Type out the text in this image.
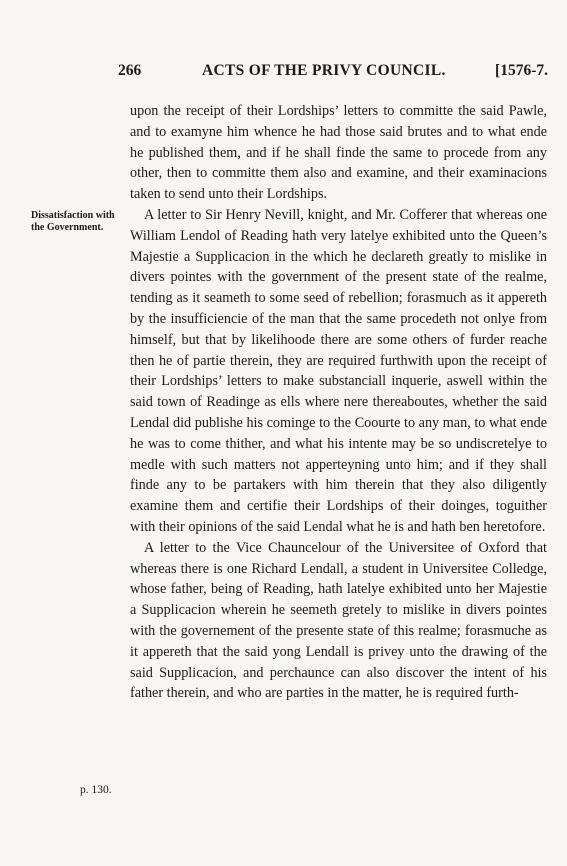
266	ACTS OF THE PRIVY COUNCIL.	[1576-7.
Dissatisfaction with the Government.
p. 130.

upon the receipt of their Lordships’ letters to committe the said Pawle, and to examyne him whence he had those said brutes and to what ende he published them, and if he shall finde the same to procede from any other, then to committe them also and examine, and their examinacions taken to send unto their Lordships.

A letter to Sir Henry Nevill, knight, and Mr. Cofferer that whereas one William Lendol of Reading hath very latelye exhibited unto the Queen’s Majestie a Supplicacion in the which he declareth greatly to mislike in divers pointes with the government of the present state of the realme, tending as it seameth to some seed of rebellion; forasmuch as it appereth by the insufficiencie of the man that the same procedeth not onlye from himself, but that by likelihoode there are some others of furder reache then he of partie therein, they are required furthwith upon the receipt of their Lordships’ letters to make substanciall inquerie, aswell within the said town of Readinge as ells where nere thereaboutes, whether the said Lendal did publishe his cominge to the Coourte to any man, to what ende he was to come thither, and what his intente may be so undiscretelye to medle with such matters not apperteyning unto him; and if they shall finde any to be partakers with him therein that they also diligently examine them and certifie their Lordships of their doinges, toguither with their opinions of the said Lendal what he is and hath ben heretofore.

A letter to the Vice Chauncelour of the Universitee of Oxford that whereas there is one Richard Lendall, a student in Universitee Colledge, whose father, being of Reading, hath latelye exhibited unto her Majestie a Supplicacion wherein he seemeth gretely to mislike in divers pointes with the governement of the presente state of this realme; forasmuche as it appereth that the said yong Lendall is privey unto the drawing of the said Supplicacion, and perchaunce can also discover the intent of his father therein, and who are parties in the matter, he is required furth-
